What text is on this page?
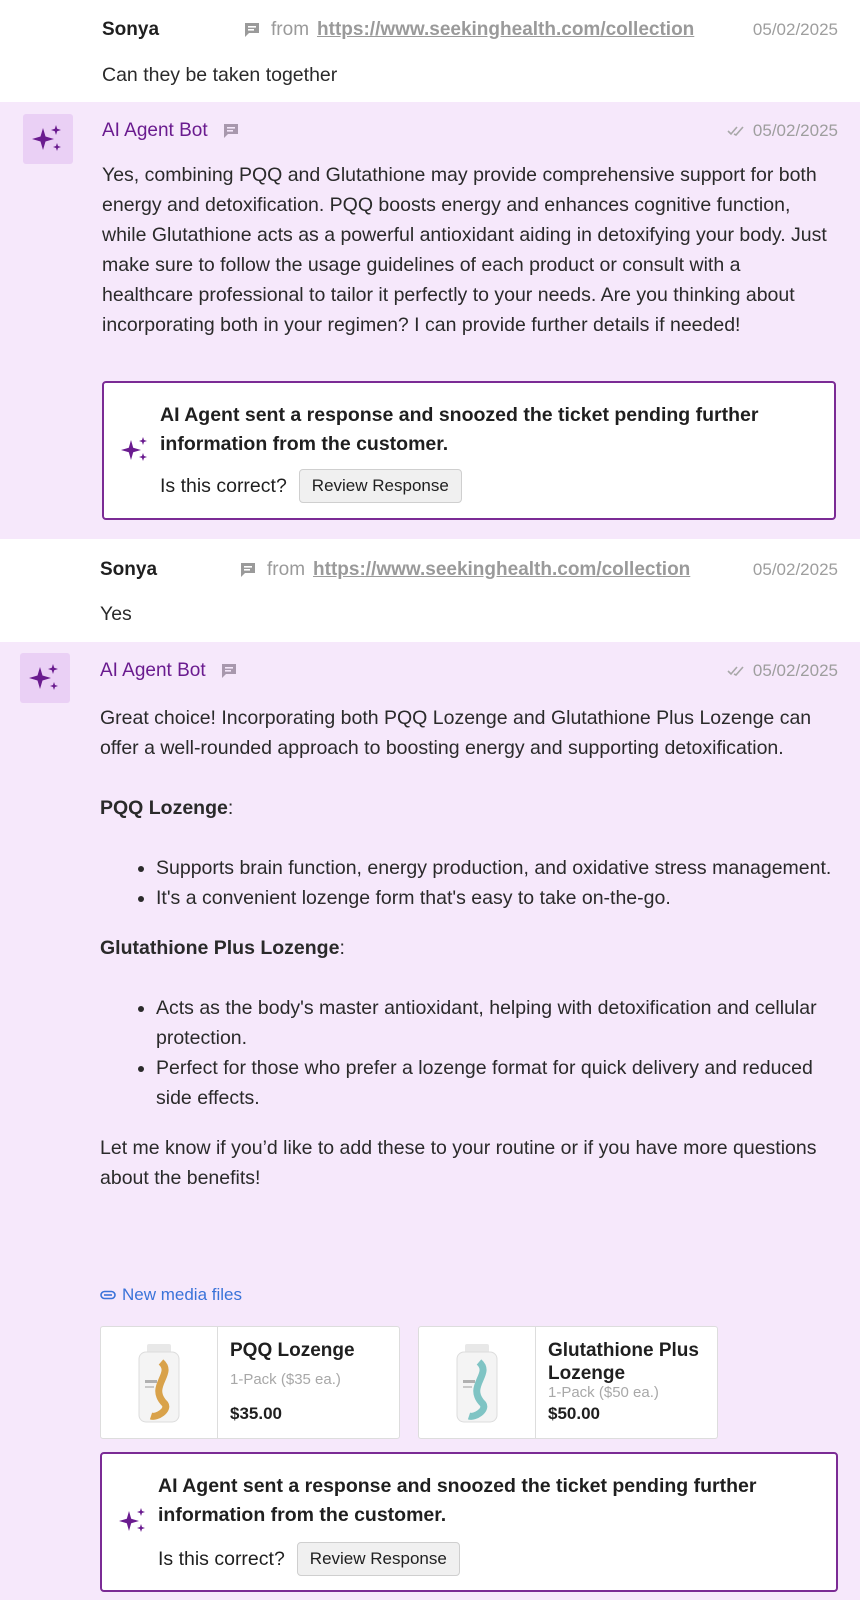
Sonya	from https://www.seekinghealth.com/collection	05/02/2025

Can they be taken together

AI Agent Bot	05/02/2025

Yes, combining PQQ and Glutathione may provide comprehensive support for both energy and detoxification. PQQ boosts energy and enhances cognitive function, while Glutathione acts as a powerful antioxidant aiding in detoxifying your body. Just make sure to follow the usage guidelines of each product or consult with a healthcare professional to tailor it perfectly to your needs. Are you thinking about incorporating both in your regimen? I can provide further details if needed!

AI Agent sent a response and snoozed the ticket pending further information from the customer.
Is this correct?	Review Response
Sonya	from https://www.seekinghealth.com/collection	05/02/2025

Yes

AI Agent Bot	05/02/2025

Great choice! Incorporating both PQQ Lozenge and Glutathione Plus Lozenge can offer a well-rounded approach to boosting energy and supporting detoxification.

PQQ Lozenge:

• Supports brain function, energy production, and oxidative stress management.
• It's a convenient lozenge form that's easy to take on-the-go.

Glutathione Plus Lozenge:

• Acts as the body's master antioxidant, helping with detoxification and cellular protection.
• Perfect for those who prefer a lozenge format for quick delivery and reduced side effects.

Let me know if you’d like to add these to your routine or if you have more questions about the benefits!

New media files
PQQ Lozenge
1-Pack ($35 ea.)
$35.00
Glutathione Plus Lozenge
1-Pack ($50 ea.)
$50.00
AI Agent sent a response and snoozed the ticket pending further information from the customer.
Is this correct?	Review Response
